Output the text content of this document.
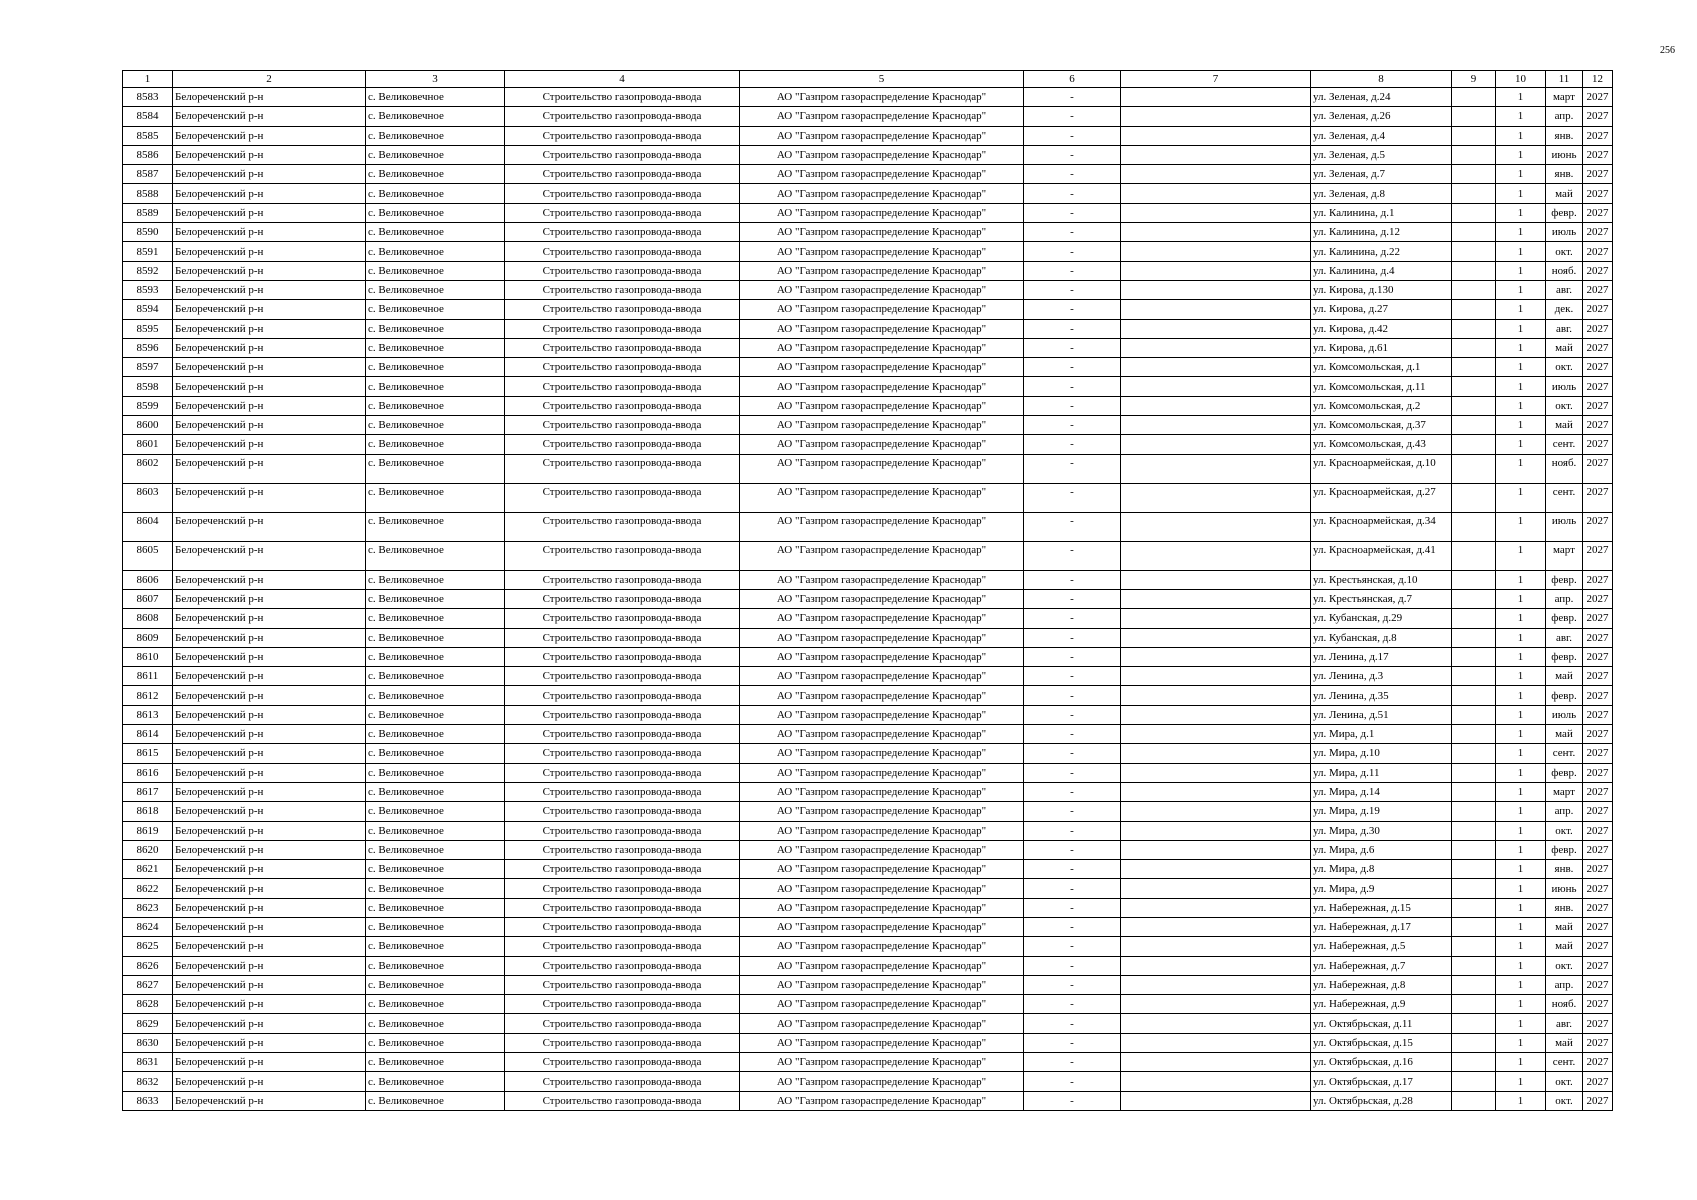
256
1	2	3	4	5	6	7	8	9	10	11	12
8583	Белореченский р-н	с. Великовечное	Строительство газопровода-ввода	АО "Газпром газораспределение Краснодар"	-		ул. Зеленая, д.24		1	март	2027
8584	Белореченский р-н	с. Великовечное	Строительство газопровода-ввода	АО "Газпром газораспределение Краснодар"	-		ул. Зеленая, д.26		1	апр.	2027
8585	Белореченский р-н	с. Великовечное	Строительство газопровода-ввода	АО "Газпром газораспределение Краснодар"	-		ул. Зеленая, д.4		1	янв.	2027
8586	Белореченский р-н	с. Великовечное	Строительство газопровода-ввода	АО "Газпром газораспределение Краснодар"	-		ул. Зеленая, д.5		1	июнь	2027
8587	Белореченский р-н	с. Великовечное	Строительство газопровода-ввода	АО "Газпром газораспределение Краснодар"	-		ул. Зеленая, д.7		1	янв.	2027
8588	Белореченский р-н	с. Великовечное	Строительство газопровода-ввода	АО "Газпром газораспределение Краснодар"	-		ул. Зеленая, д.8		1	май	2027
8589	Белореченский р-н	с. Великовечное	Строительство газопровода-ввода	АО "Газпром газораспределение Краснодар"	-		ул. Калинина, д.1		1	февр.	2027
8590	Белореченский р-н	с. Великовечное	Строительство газопровода-ввода	АО "Газпром газораспределение Краснодар"	-		ул. Калинина, д.12		1	июль	2027
8591	Белореченский р-н	с. Великовечное	Строительство газопровода-ввода	АО "Газпром газораспределение Краснодар"	-		ул. Калинина, д.22		1	окт.	2027
8592	Белореченский р-н	с. Великовечное	Строительство газопровода-ввода	АО "Газпром газораспределение Краснодар"	-		ул. Калинина, д.4		1	нояб.	2027
8593	Белореченский р-н	с. Великовечное	Строительство газопровода-ввода	АО "Газпром газораспределение Краснодар"	-		ул. Кирова, д.130		1	авг.	2027
8594	Белореченский р-н	с. Великовечное	Строительство газопровода-ввода	АО "Газпром газораспределение Краснодар"	-		ул. Кирова, д.27		1	дек.	2027
8595	Белореченский р-н	с. Великовечное	Строительство газопровода-ввода	АО "Газпром газораспределение Краснодар"	-		ул. Кирова, д.42		1	авг.	2027
8596	Белореченский р-н	с. Великовечное	Строительство газопровода-ввода	АО "Газпром газораспределение Краснодар"	-		ул. Кирова, д.61		1	май	2027
8597	Белореченский р-н	с. Великовечное	Строительство газопровода-ввода	АО "Газпром газораспределение Краснодар"	-		ул. Комсомольская, д.1		1	окт.	2027
8598	Белореченский р-н	с. Великовечное	Строительство газопровода-ввода	АО "Газпром газораспределение Краснодар"	-		ул. Комсомольская, д.11		1	июль	2027
8599	Белореченский р-н	с. Великовечное	Строительство газопровода-ввода	АО "Газпром газораспределение Краснодар"	-		ул. Комсомольская, д.2		1	окт.	2027
8600	Белореченский р-н	с. Великовечное	Строительство газопровода-ввода	АО "Газпром газораспределение Краснодар"	-		ул. Комсомольская, д.37		1	май	2027
8601	Белореченский р-н	с. Великовечное	Строительство газопровода-ввода	АО "Газпром газораспределение Краснодар"	-		ул. Комсомольская, д.43		1	сент.	2027
8602	Белореченский р-н	с. Великовечное	Строительство газопровода-ввода	АО "Газпром газораспределение Краснодар"	-		ул. Красноармейская, д.10		1	нояб.	2027
8603	Белореченский р-н	с. Великовечное	Строительство газопровода-ввода	АО "Газпром газораспределение Краснодар"	-		ул. Красноармейская, д.27		1	сент.	2027
8604	Белореченский р-н	с. Великовечное	Строительство газопровода-ввода	АО "Газпром газораспределение Краснодар"	-		ул. Красноармейская, д.34		1	июль	2027
8605	Белореченский р-н	с. Великовечное	Строительство газопровода-ввода	АО "Газпром газораспределение Краснодар"	-		ул. Красноармейская, д.41		1	март	2027
8606	Белореченский р-н	с. Великовечное	Строительство газопровода-ввода	АО "Газпром газораспределение Краснодар"	-		ул. Крестьянская, д.10		1	февр.	2027
8607	Белореченский р-н	с. Великовечное	Строительство газопровода-ввода	АО "Газпром газораспределение Краснодар"	-		ул. Крестьянская, д.7		1	апр.	2027
8608	Белореченский р-н	с. Великовечное	Строительство газопровода-ввода	АО "Газпром газораспределение Краснодар"	-		ул. Кубанская, д.29		1	февр.	2027
8609	Белореченский р-н	с. Великовечное	Строительство газопровода-ввода	АО "Газпром газораспределение Краснодар"	-		ул. Кубанская, д.8		1	авг.	2027
8610	Белореченский р-н	с. Великовечное	Строительство газопровода-ввода	АО "Газпром газораспределение Краснодар"	-		ул. Ленина, д.17		1	февр.	2027
8611	Белореченский р-н	с. Великовечное	Строительство газопровода-ввода	АО "Газпром газораспределение Краснодар"	-		ул. Ленина, д.3		1	май	2027
8612	Белореченский р-н	с. Великовечное	Строительство газопровода-ввода	АО "Газпром газораспределение Краснодар"	-		ул. Ленина, д.35		1	февр.	2027
8613	Белореченский р-н	с. Великовечное	Строительство газопровода-ввода	АО "Газпром газораспределение Краснодар"	-		ул. Ленина, д.51		1	июль	2027
8614	Белореченский р-н	с. Великовечное	Строительство газопровода-ввода	АО "Газпром газораспределение Краснодар"	-		ул. Мира, д.1		1	май	2027
8615	Белореченский р-н	с. Великовечное	Строительство газопровода-ввода	АО "Газпром газораспределение Краснодар"	-		ул. Мира, д.10		1	сент.	2027
8616	Белореченский р-н	с. Великовечное	Строительство газопровода-ввода	АО "Газпром газораспределение Краснодар"	-		ул. Мира, д.11		1	февр.	2027
8617	Белореченский р-н	с. Великовечное	Строительство газопровода-ввода	АО "Газпром газораспределение Краснодар"	-		ул. Мира, д.14		1	март	2027
8618	Белореченский р-н	с. Великовечное	Строительство газопровода-ввода	АО "Газпром газораспределение Краснодар"	-		ул. Мира, д.19		1	апр.	2027
8619	Белореченский р-н	с. Великовечное	Строительство газопровода-ввода	АО "Газпром газораспределение Краснодар"	-		ул. Мира, д.30		1	окт.	2027
8620	Белореченский р-н	с. Великовечное	Строительство газопровода-ввода	АО "Газпром газораспределение Краснодар"	-		ул. Мира, д.6		1	февр.	2027
8621	Белореченский р-н	с. Великовечное	Строительство газопровода-ввода	АО "Газпром газораспределение Краснодар"	-		ул. Мира, д.8		1	янв.	2027
8622	Белореченский р-н	с. Великовечное	Строительство газопровода-ввода	АО "Газпром газораспределение Краснодар"	-		ул. Мира, д.9		1	июнь	2027
8623	Белореченский р-н	с. Великовечное	Строительство газопровода-ввода	АО "Газпром газораспределение Краснодар"	-		ул. Набережная, д.15		1	янв.	2027
8624	Белореченский р-н	с. Великовечное	Строительство газопровода-ввода	АО "Газпром газораспределение Краснодар"	-		ул. Набережная, д.17		1	май	2027
8625	Белореченский р-н	с. Великовечное	Строительство газопровода-ввода	АО "Газпром газораспределение Краснодар"	-		ул. Набережная, д.5		1	май	2027
8626	Белореченский р-н	с. Великовечное	Строительство газопровода-ввода	АО "Газпром газораспределение Краснодар"	-		ул. Набережная, д.7		1	окт.	2027
8627	Белореченский р-н	с. Великовечное	Строительство газопровода-ввода	АО "Газпром газораспределение Краснодар"	-		ул. Набережная, д.8		1	апр.	2027
8628	Белореченский р-н	с. Великовечное	Строительство газопровода-ввода	АО "Газпром газораспределение Краснодар"	-		ул. Набережная, д.9		1	нояб.	2027
8629	Белореченский р-н	с. Великовечное	Строительство газопровода-ввода	АО "Газпром газораспределение Краснодар"	-		ул. Октябрьская, д.11		1	авг.	2027
8630	Белореченский р-н	с. Великовечное	Строительство газопровода-ввода	АО "Газпром газораспределение Краснодар"	-		ул. Октябрьская, д.15		1	май	2027
8631	Белореченский р-н	с. Великовечное	Строительство газопровода-ввода	АО "Газпром газораспределение Краснодар"	-		ул. Октябрьская, д.16		1	сент.	2027
8632	Белореченский р-н	с. Великовечное	Строительство газопровода-ввода	АО "Газпром газораспределение Краснодар"	-		ул. Октябрьская, д.17		1	окт.	2027
8633	Белореченский р-н	с. Великовечное	Строительство газопровода-ввода	АО "Газпром газораспределение Краснодар"	-		ул. Октябрьская, д.28		1	окт.	2027
